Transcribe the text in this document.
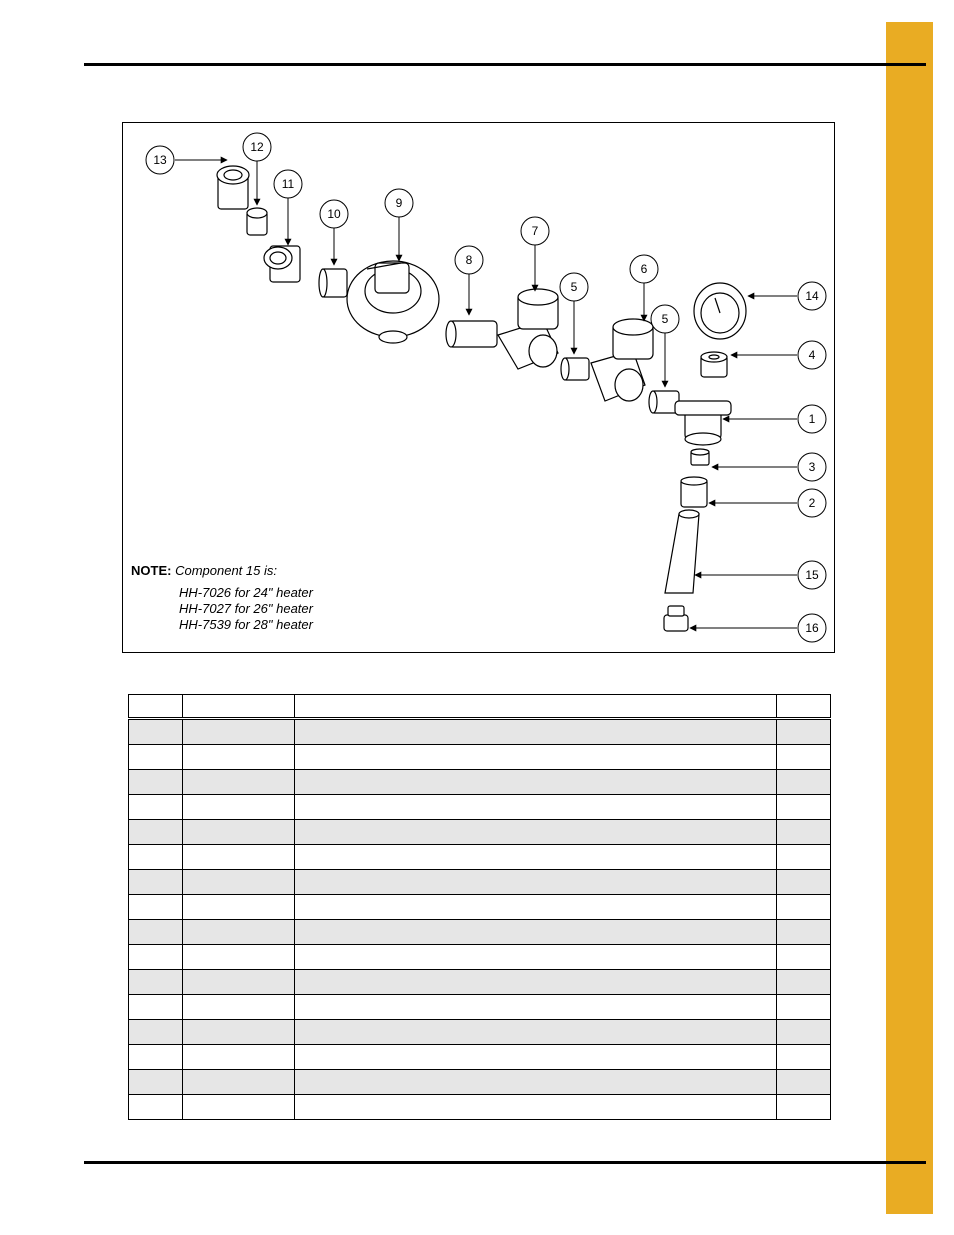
13
12
11
10
9
8
7
5
6
5
14
4
1
3
2
15
16
NOTE: Component 15 is:
HH-7026 for 24" heater
HH-7027 for 26" heater
HH-7539 for 28" heater
